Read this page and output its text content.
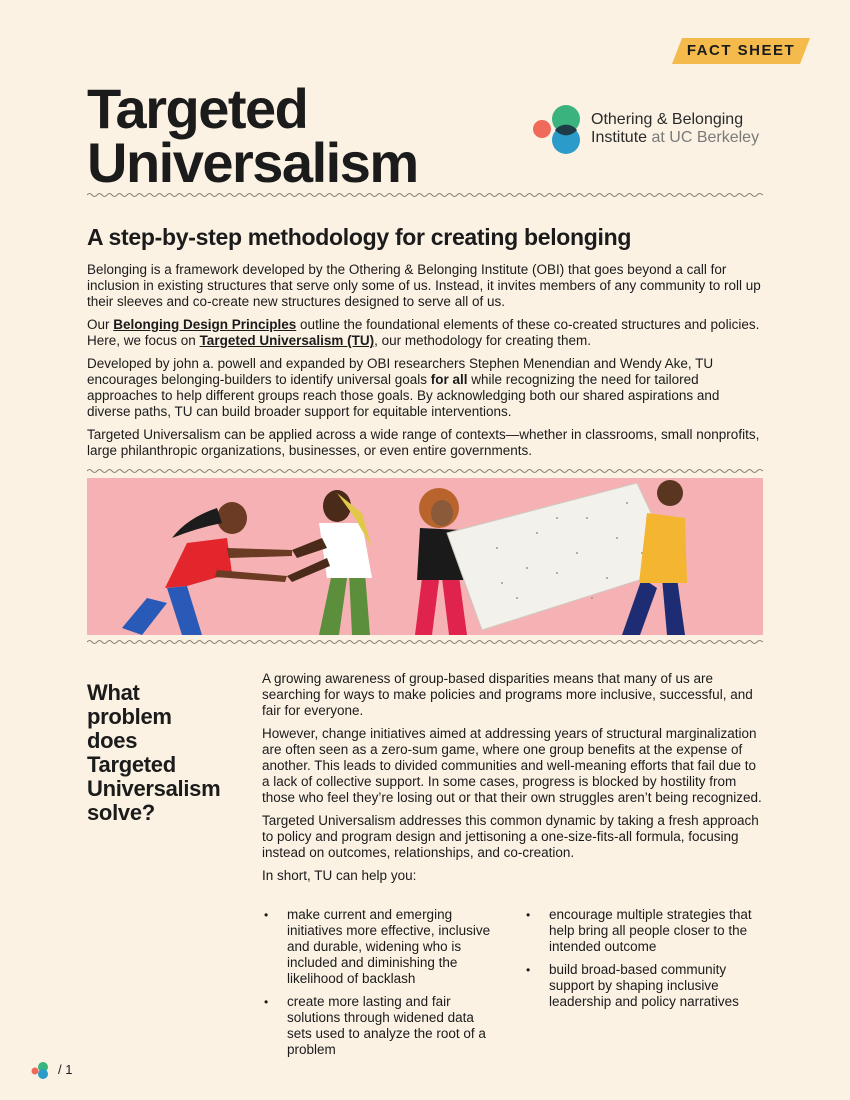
FACT SHEET
Targeted
Universalism
Othering & Belonging
Institute at UC Berkeley
A step-by-step methodology for creating belonging

Belonging is a framework developed by the Othering & Belonging Institute (OBI) that goes beyond a call for inclusion in existing structures that serve only some of us. Instead, it invites members of any community to roll up their sleeves and co-create new structures designed to serve all of us.

Our Belonging Design Principles outline the foundational elements of these co-created structures and policies. Here, we focus on Targeted Universalism (TU), our methodology for creating them.

Developed by john a. powell and expanded by OBI researchers Stephen Menendian and Wendy Ake, TU encourages belonging-builders to identify universal goals for all while recognizing the need for tailored approaches to help different groups reach those goals. By acknowledging both our shared aspirations and diverse paths, TU can build broader support for equitable interventions.

Targeted Universalism can be applied across a wide range of contexts—whether in classrooms, small nonprofits, large philanthropic organizations, businesses, or even entire governments.

What
problem
does
Targeted
Universalism
solve?

A growing awareness of group-based disparities means that many of us are searching for ways to make policies and programs more inclusive, successful, and fair for everyone.

However, change initiatives aimed at addressing years of structural marginalization are often seen as a zero-sum game, where one group benefits at the expense of another. This leads to divided communities and well-meaning efforts that fail due to a lack of collective support. In some cases, progress is blocked by hostility from those who feel they’re losing out or that their own struggles aren’t being recognized.

Targeted Universalism addresses this common dynamic by taking a fresh approach to policy and program design and jettisoning a one-size-fits-all formula, focusing instead on outcomes, relationships, and co-creation.

In short, TU can help you:

• make current and emerging initiatives more effective, inclusive and durable, widening who is included and diminishing the likelihood of backlash
• create more lasting and fair solutions through widened data sets used to analyze the root of a problem
• encourage multiple strategies that help bring all people closer to the intended outcome
• build broad-based community support by shaping inclusive leadership and policy narratives
/ 1
